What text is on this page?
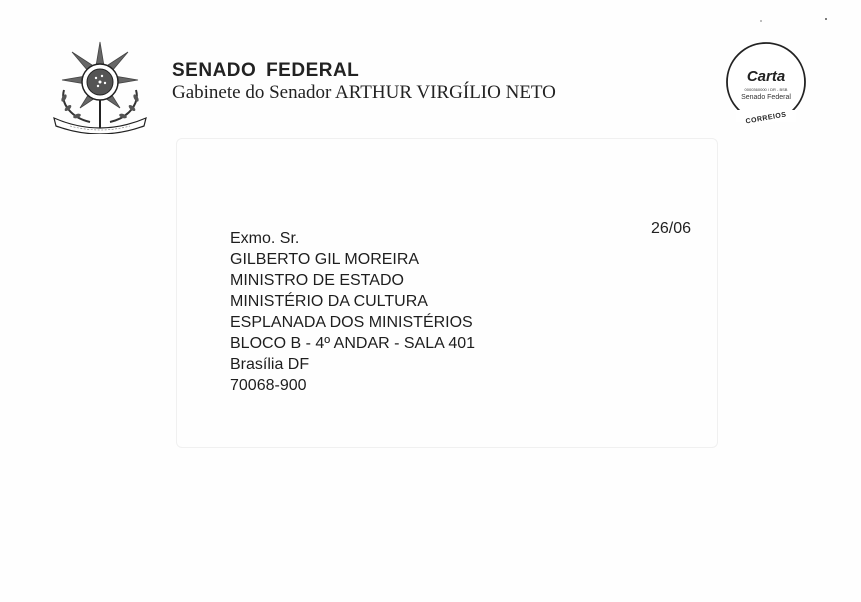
SENADO FEDERAL
Gabinete do Senador ARTHUR VIRGÍLIO NETO
Carta
0000360000 / DR - BSB
Senado Federal
CORREIOS
26/06
Exmo. Sr.
GILBERTO GIL MOREIRA
MINISTRO DE ESTADO
MINISTÉRIO DA CULTURA
ESPLANADA DOS MINISTÉRIOS
BLOCO B - 4º ANDAR - SALA 401
Brasília DF
70068-900
